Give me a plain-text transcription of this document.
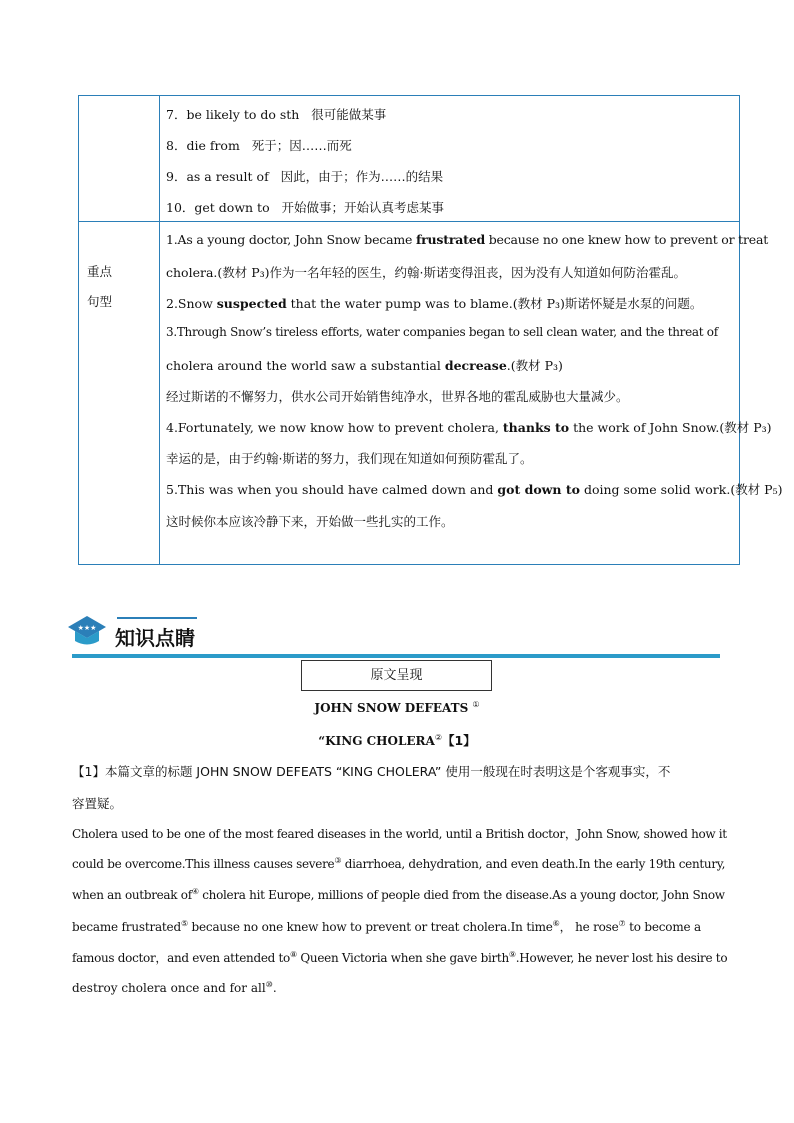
重点
句型
7．be likely to do sth 很可能做某事
8．die from 死于；因……而死
9．as a result of 因此，由于；作为……的结果
10．get down to 开始做事；开始认真考虑某事
1.As a young doctor, John Snow became frustrated because no one knew how to prevent or treat
cholera.(教材 P₃)作为一名年轻的医生，约翰·斯诺变得沮丧，因为没有人知道如何防治霍乱。
2.Snow suspected that the water pump was to blame.(教材 P₃)斯诺怀疑是水泵的问题。
3.Through Snow’s tireless efforts, water companies began to sell clean water, and the threat of
cholera around the world saw a substantial decrease.(教材 P₃)
经过斯诺的不懈努力，供水公司开始销售纯净水，世界各地的霍乱威胁也大量减少。
4.Fortunately, we now know how to prevent cholera, thanks to the work of John Snow.(教材 P₃)
幸运的是，由于约翰·斯诺的努力，我们现在知道如何预防霍乱了。
5.This was when you should have calmed down and got down to doing some solid work.(教材 P₅)
这时候你本应该冷静下来，开始做一些扎实的工作。
★★★ 知识点睛
原文呈现
JOHN SNOW DEFEATS ①
“KING CHOLERA②【1】
【1】本篇文章的标题 JOHN SNOW DEFEATS “KING CHOLERA” 使用一般现在时表明这是个客观事实，不
容置疑。
Cholera used to be one of the most feared diseases in the world, until a British doctor，John Snow, showed how it
could be overcome.This illness causes severe③ diarrhoea, dehydration, and even death.In the early 19th century,
when an outbreak of④ cholera hit Europe, millions of people died from the disease.As a young doctor, John Snow
became frustrated⑤ because no one knew how to prevent or treat cholera.In time⑥， he rose⑦ to become a
famous doctor，and even attended to⑧ Queen Victoria when she gave birth⑨.However, he never lost his desire to
destroy cholera once and for all⑩.
